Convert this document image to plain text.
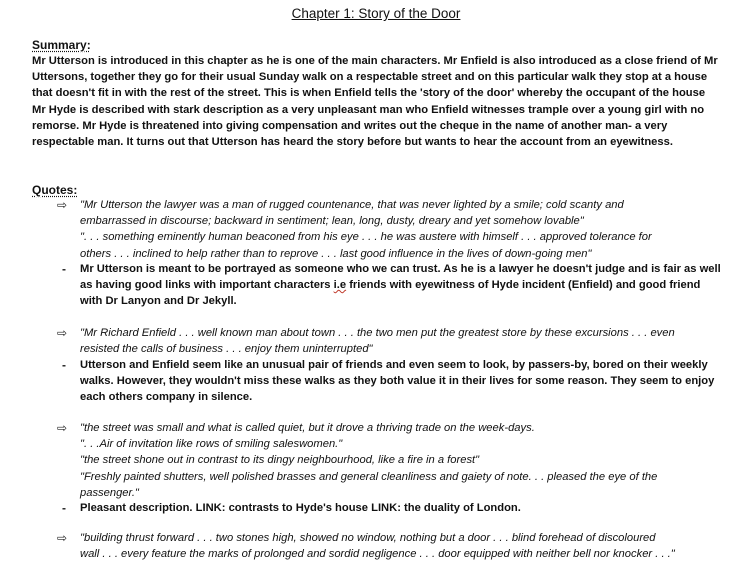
Chapter 1: Story of the Door
Summary:
Mr Utterson is introduced in this chapter as he is one of the main characters. Mr Enfield is also introduced as a close friend of Mr Uttersons, together they go for their usual Sunday walk on a respectable street and on this particular walk they stop at a house that doesn't fit in with the rest of the street. This is when Enfield tells the 'story of the door' whereby the occupant of the house Mr Hyde is described with stark description as a very unpleasant man who Enfield witnesses trample over a young girl with no remorse. Mr Hyde is threatened into giving compensation and writes out the cheque in the name of another man- a very respectable man. It turns out that Utterson has heard the story before but wants to hear the account from an eyewitness.
Quotes:
⇨ "Mr Utterson the lawyer was a man of rugged countenance, that was never lighted by a smile; cold scanty and
embarrassed in discourse; backward in sentiment; lean, long, dusty, dreary and yet somehow lovable"
". . . something eminently human beaconed from his eye . . . he was austere with himself . . . approved tolerance for
others . . . inclined to help rather than to reprove . . . last good influence in the lives of down-going men"
- Mr Utterson is meant to be portrayed as someone who we can trust. As he is a lawyer he doesn't judge and is fair as well as having good links with important characters i.e friends with eyewitness of Hyde incident (Enfield) and good friend with Dr Lanyon and Dr Jekyll.
⇨ "Mr Richard Enfield . . . well known man about town . . . the two men put the greatest store by these excursions . . . even
resisted the calls of business . . . enjoy them uninterrupted"
- Utterson and Enfield seem like an unusual pair of friends and even seem to look, by passers-by, bored on their weekly walks. However, they wouldn't miss these walks as they both value it in their lives for some reason. They seem to enjoy each others company in silence.
⇨ "the street was small and what is called quiet, but it drove a thriving trade on the week-days.
". . .Air of invitation like rows of smiling saleswomen."
"the street shone out in contrast to its dingy neighbourhood, like a fire in a forest"
"Freshly painted shutters, well polished brasses and general cleanliness and gaiety of note. . . pleased the eye of the
passenger."
- Pleasant description. LINK: contrasts to Hyde's house LINK: the duality of London.
⇨ "building thrust forward . . . two stones high, showed no window, nothing but a door . . . blind forehead of discoloured
wall . . . every feature the marks of prolonged and sordid negligence . . . door equipped with neither bell nor knocker . . ."
